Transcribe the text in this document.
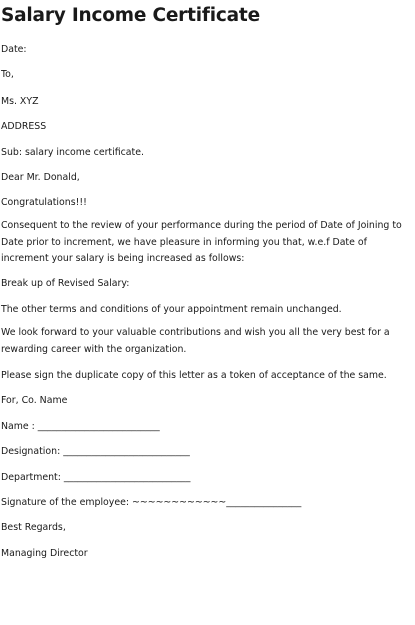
Salary Income Certificate
Date:
To,
Ms. XYZ
ADDRESS
Sub: salary income certificate.
Dear Mr. Donald,
Congratulations!!!
Consequent to the review of your performance during the period of Date of Joining to Date prior to increment, we have pleasure in informing you that, w.e.f Date of increment your salary is being increased as follows:
Break up of Revised Salary:
The other terms and conditions of your appointment remain unchanged.
We look forward to your valuable contributions and wish you all the very best for a rewarding career with the organization.
Please sign the duplicate copy of this letter as a token of acceptance of the same.
For, Co. Name
Name : __________________________
Designation: ___________________________
Department: ___________________________
Signature of the employee: ~~~~~~~~~~~~________________
Best Regards,
Managing Director
